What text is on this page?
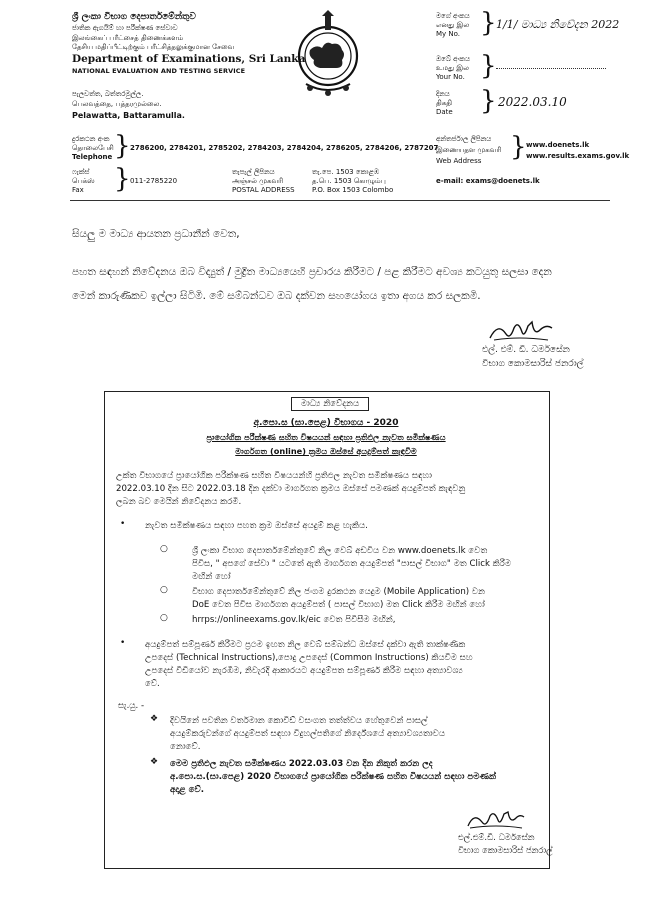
ශ්‍රී ලංකා විභාග දෙපාර්තමේන්තුව
ජාතික ඇගයීම් හා පරීක්ෂණ සේවාව
இலங்கைப் பரீட்சைத் திணைக்களம்
தேசிய மதிப்பீட்டிற்கும் பரீட்சித்தலுக்குமான சேவை
Department of Examinations, Sri Lanka
NATIONAL EVALUATION AND TESTING SERVICE
පැලවත්ත, බත්තරමුල්ල.
பெலவத்தை, பத்தரமுல்லை.
Pelawatta, Battaramulla.
මගේ අංකය
எனது இல
My No. } 1/1/ මාධ්‍ය නිවේදන 2022
ඔබේ අංකය
உமது இல
Your No. }
දිනය
திகதி
Date } 2022.03.10
දුරකථන අංක
தொலைபேசி
Telephone } 2786200, 2784201, 2785202, 2784203, 2784204, 2786205, 2784206, 2787207
අන්තර්ජාල ලිපිනය
இணையதள முகவரி
Web Address } www.doenets.lk
www.results.exams.gov.lk
ෆැක්ස්
பெக்ஸ்
Fax } 011-2785220
තැපැල් ලිපිනය
அஞ்சல் முகவரி
POSTAL ADDRESS
තැ.පෙ. 1503 කොළඹ
த.பெ. 1503 கொழும்பு
P.O. Box 1503 Colombo
e-mail: exams@doenets.lk
සියලු ම මාධ්‍ය ආයතන ප්‍රධානීන් වෙත,
පහත සඳහන් නිවේදනය ඔබ විද්‍යුත් / මුද්‍රිත මාධ්‍යයෙහි ප්‍රචාරය කිරීමට / පළ කිරීමට අවශ්‍ය කටයුතු සලසා දෙන
මෙන් කාරුණිකව ඉල්ලා සිටිමි. මේ සම්බන්ධව ඔබ දක්වන සහයෝගය ඉතා අගය කර සලකමි.
එල්. එම්. ඩී. ධර්මසේන
විභාග කොමසාරිස් ජනරාල්
මාධ්‍ය නිවේදනය
අ.පො.ස (සා.පෙළ) විභාගය - 2020
ප්‍රායෝගික පරීක්ෂණ සහිත විෂයයන් සඳහා ප්‍රතිඵල නැවත සමීක්ෂණය
මාර්ගගත (online) ක්‍රමය ඔස්සේ අයදුම්පත් කැඳවීම
උක්ත විභාගයේ ප්‍රායෝගික පරීක්ෂණ සහිත විෂයයන්හි ප්‍රතිඵල නැවත සමීක්ෂණය සඳහා
2022.03.10 දින සිට 2022.03.18 දින දක්වා මාර්ගගත ක්‍රමය ඔස්සේ පමණක් අයදුම්පත් කැඳවනු
ලබන බව මෙයින් නිවේදනය කරමි.
• නැවත සමීක්ෂණය සඳහා පහත ක්‍රම ඔස්සේ අයදුම් කළ හැකිය.
○	ශ්‍රී ලංකා විභාග දෙපාර්තමේන්තුවේ නිල වෙබ් අඩවිය වන www.doenets.lk වෙත
පිවිස, " අපගේ සේවා " යටතේ ඇති මාර්ගගත අයදුම්පත් "පාසල් විභාග" මත Click කිරීම
මඟින් හෝ
○	විභාග දෙපාර්තමේන්තුවේ නිල ජංගම දුරකථන යෙදුම (Mobile Application) වන
DoE වෙත පිවිස මාර්ගගත අයදුම්පත් ( පාසල් විභාග) මත Click කිරීම මඟින් හෝ
○	hrrps://onlineexams.gov.lk/eic වෙත පිවිසීම මඟින්,
• අයදුම්පත් සම්පූර්ණ කිරීමට ප්‍රථම ඉහත නිල වෙබ් සම්බන්ධ ඔස්සේ දක්වා ඇති තාක්ෂණික
උපදෙස් (Technical Instructions),පොදු උපදෙස් (Common Instructions) කියවීම සහ
උපදෙස් වීඩියෝව නැරඹීම, නිවැරදි ආකාරයට අයදුම්පත සම්පූර්ණ කිරීම සඳහා අත්‍යාවශ්‍ය
වේ.
සැ.යු. -
❖ දිවයිනේ පවතින වර්තමාන කොවිඩ් වසංගත තත්ත්වය හේතුවෙන් පාසල්
අයදුම්කරුවන්ගේ අයදුම්පත් සඳහා විදුහල්පතිගේ නිර්දේශයේ අත්‍යාවශ්‍යතාවය
නොවේ.
❖ මෙම ප්‍රතිඵල නැවත සමීක්ෂණය 2022.03.03 වන දින නිකුත් කරන ලද
අ.පො.ස.(සා.පෙළ) 2020 විභාගයේ ප්‍රායෝගික පරීක්ෂණ සහිත විෂයයන් සඳහා පමණක්
අදාළ වේ.
එල්.එම්.ඩී. ධර්මසේන
විභාග කොමසාරිස් ජනරාල්
